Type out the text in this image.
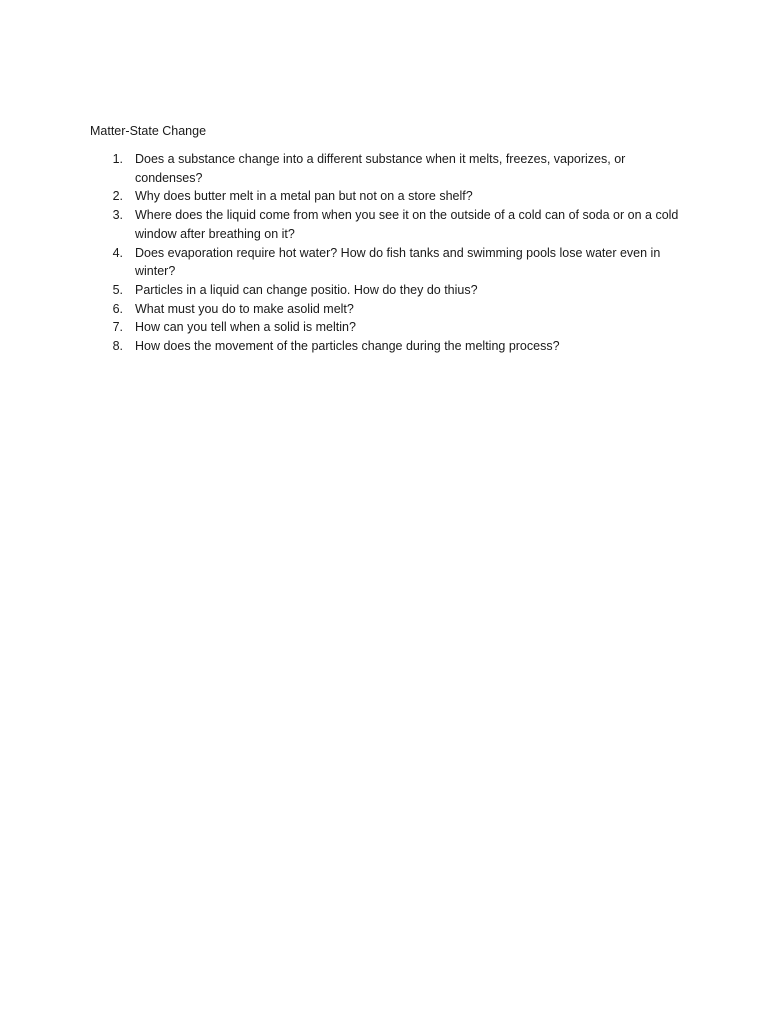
Matter-State Change
1. Does a substance change into a different substance when it melts, freezes, vaporizes, or condenses?
2. Why does butter melt in a metal pan but not on a store shelf?
3. Where does the liquid come from when you see it on the outside of a cold can of soda or on a cold window after breathing on it?
4. Does evaporation require hot water? How do fish tanks and swimming pools lose water even in winter?
5. Particles in a liquid can change positio. How do they do thius?
6. What must you do to make asolid melt?
7. How can you tell when a solid is meltin?
8. How does the movement of the particles change during the melting process?
